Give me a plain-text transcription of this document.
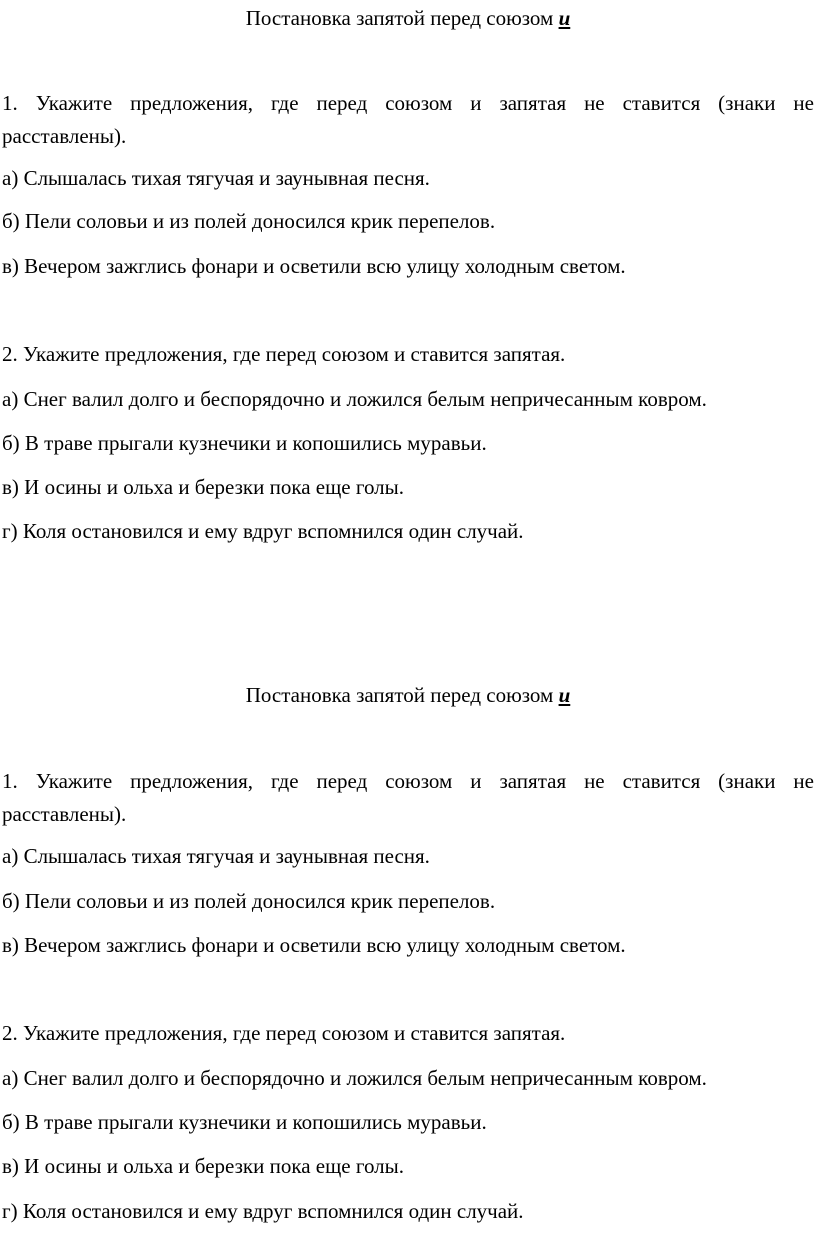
Постановка запятой перед союзом и
1. Укажите предложения, где перед союзом и запятая не ставится (знаки не
расставлены).
а) Слышалась тихая тягучая и заунывная песня.
б) Пели соловьи и из полей доносился крик перепелов.
в) Вечером зажглись фонари и осветили всю улицу холодным светом.
2. Укажите предложения, где перед союзом и ставится запятая.
а) Снег валил долго и беспорядочно и ложился белым непричесанным ковром.
б) В траве прыгали кузнечики и копошились муравьи.
в) И осины и ольха и березки пока еще голы.
г) Коля остановился и ему вдруг вспомнился один случай.
Постановка запятой перед союзом и
1. Укажите предложения, где перед союзом и запятая не ставится (знаки не
расставлены).
а) Слышалась тихая тягучая и заунывная песня.
б) Пели соловьи и из полей доносился крик перепелов.
в) Вечером зажглись фонари и осветили всю улицу холодным светом.
2. Укажите предложения, где перед союзом и ставится запятая.
а) Снег валил долго и беспорядочно и ложился белым непричесанным ковром.
б) В траве прыгали кузнечики и копошились муравьи.
в) И осины и ольха и березки пока еще голы.
г) Коля остановился и ему вдруг вспомнился один случай.
